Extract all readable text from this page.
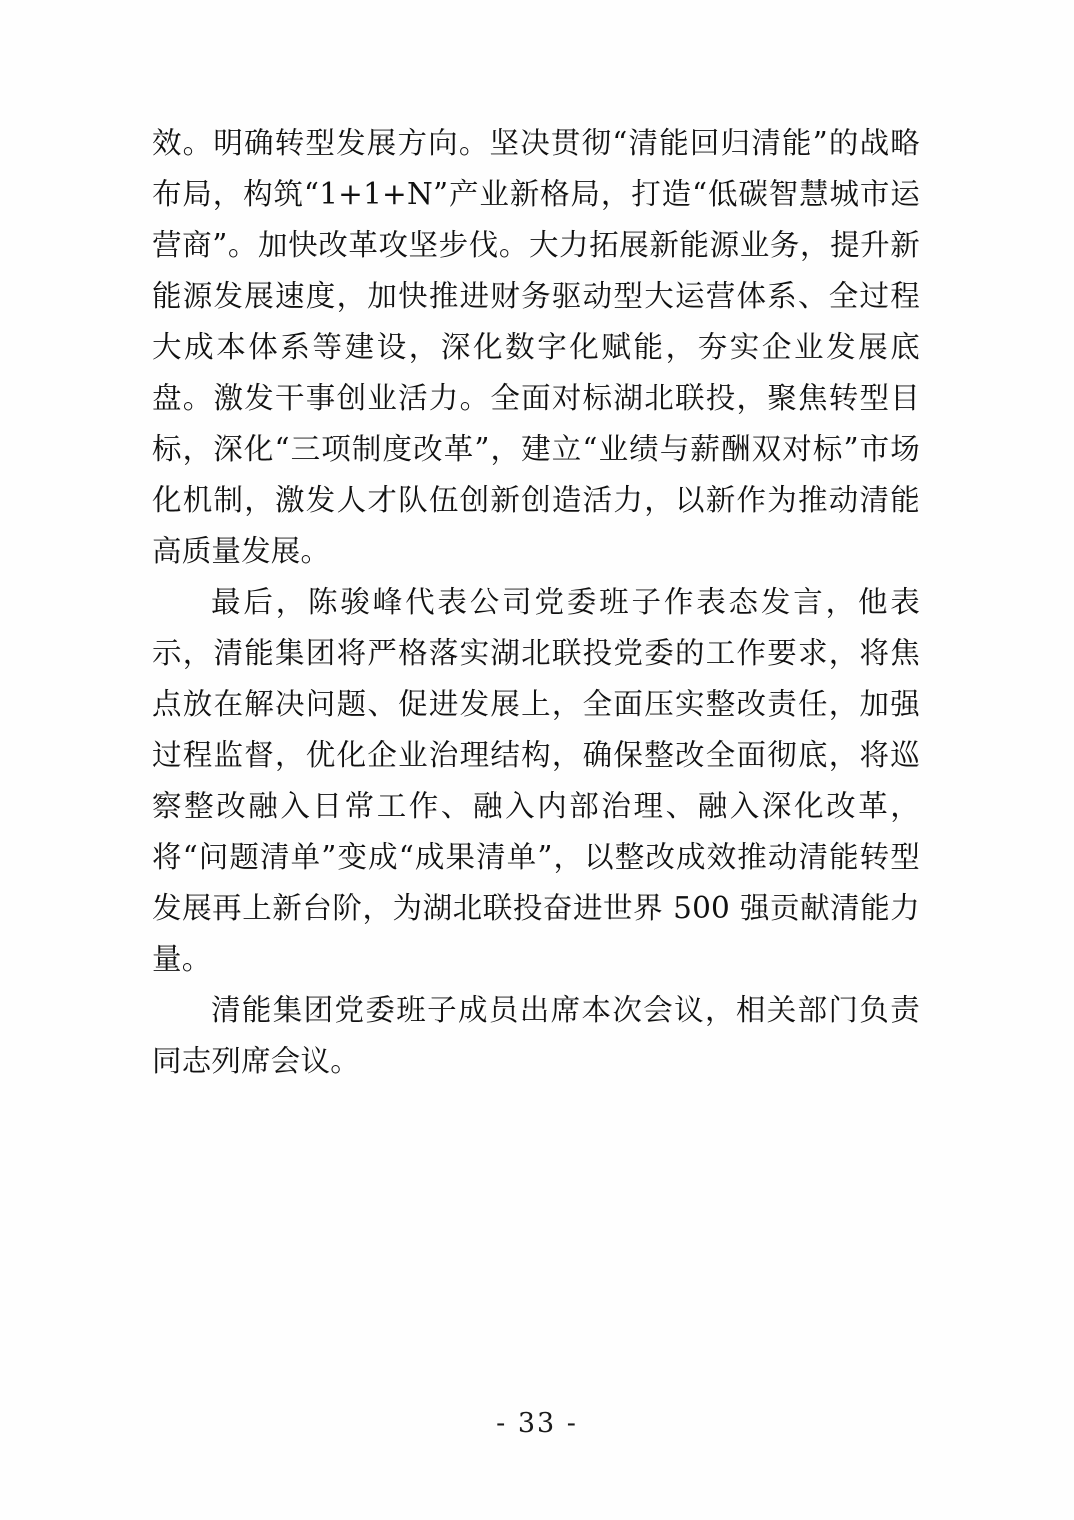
效。明确转型发展方向。坚决贯彻“清能回归清能”的战略布局，构筑“1+1+N”产业新格局，打造“低碳智慧城市运营商”。加快改革攻坚步伐。大力拓展新能源业务，提升新能源发展速度，加快推进财务驱动型大运营体系、全过程大成本体系等建设，深化数字化赋能，夯实企业发展底盘。激发干事创业活力。全面对标湖北联投，聚焦转型目标，深化“三项制度改革”，建立“业绩与薪酬双对标”市场化机制，激发人才队伍创新创造活力，以新作为推动清能高质量发展。

最后，陈骏峰代表公司党委班子作表态发言，他表示，清能集团将严格落实湖北联投党委的工作要求，将焦点放在解决问题、促进发展上，全面压实整改责任，加强过程监督，优化企业治理结构，确保整改全面彻底，将巡察整改融入日常工作、融入内部治理、融入深化改革，将“问题清单”变成“成果清单”，以整改成效推动清能转型发展再上新台阶，为湖北联投奋进世界 500 强贡献清能力量。

清能集团党委班子成员出席本次会议，相关部门负责同志列席会议。

- 33 -
